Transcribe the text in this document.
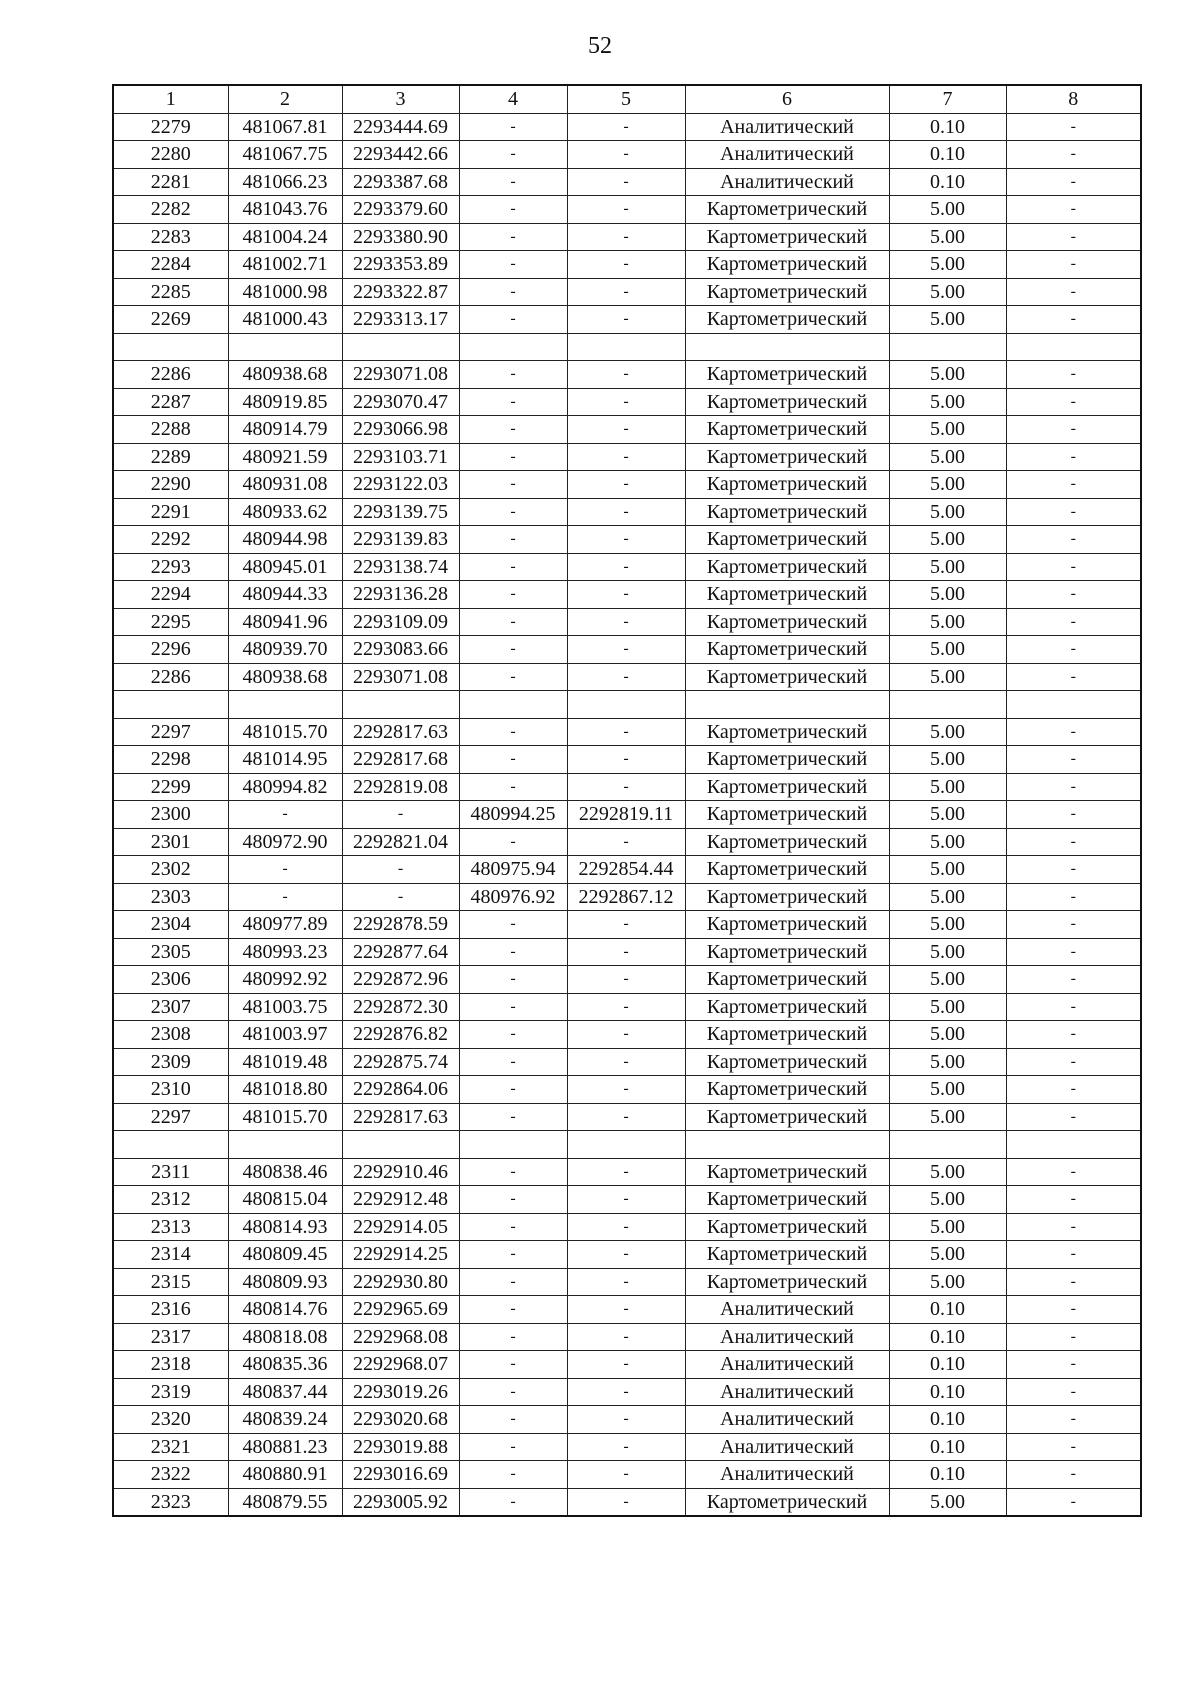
52
1	2	3	4	5	6	7	8
2279	481067.81	2293444.69	-	-	Аналитический	0.10	-
2280	481067.75	2293442.66	-	-	Аналитический	0.10	-
2281	481066.23	2293387.68	-	-	Аналитический	0.10	-
2282	481043.76	2293379.60	-	-	Картометрический	5.00	-
2283	481004.24	2293380.90	-	-	Картометрический	5.00	-
2284	481002.71	2293353.89	-	-	Картометрический	5.00	-
2285	481000.98	2293322.87	-	-	Картометрический	5.00	-
2269	481000.43	2293313.17	-	-	Картометрический	5.00	-

2286	480938.68	2293071.08	-	-	Картометрический	5.00	-
2287	480919.85	2293070.47	-	-	Картометрический	5.00	-
2288	480914.79	2293066.98	-	-	Картометрический	5.00	-
2289	480921.59	2293103.71	-	-	Картометрический	5.00	-
2290	480931.08	2293122.03	-	-	Картометрический	5.00	-
2291	480933.62	2293139.75	-	-	Картометрический	5.00	-
2292	480944.98	2293139.83	-	-	Картометрический	5.00	-
2293	480945.01	2293138.74	-	-	Картометрический	5.00	-
2294	480944.33	2293136.28	-	-	Картометрический	5.00	-
2295	480941.96	2293109.09	-	-	Картометрический	5.00	-
2296	480939.70	2293083.66	-	-	Картометрический	5.00	-
2286	480938.68	2293071.08	-	-	Картометрический	5.00	-

2297	481015.70	2292817.63	-	-	Картометрический	5.00	-
2298	481014.95	2292817.68	-	-	Картометрический	5.00	-
2299	480994.82	2292819.08	-	-	Картометрический	5.00	-
2300	-	-	480994.25	2292819.11	Картометрический	5.00	-
2301	480972.90	2292821.04	-	-	Картометрический	5.00	-
2302	-	-	480975.94	2292854.44	Картометрический	5.00	-
2303	-	-	480976.92	2292867.12	Картометрический	5.00	-
2304	480977.89	2292878.59	-	-	Картометрический	5.00	-
2305	480993.23	2292877.64	-	-	Картометрический	5.00	-
2306	480992.92	2292872.96	-	-	Картометрический	5.00	-
2307	481003.75	2292872.30	-	-	Картометрический	5.00	-
2308	481003.97	2292876.82	-	-	Картометрический	5.00	-
2309	481019.48	2292875.74	-	-	Картометрический	5.00	-
2310	481018.80	2292864.06	-	-	Картометрический	5.00	-
2297	481015.70	2292817.63	-	-	Картометрический	5.00	-

2311	480838.46	2292910.46	-	-	Картометрический	5.00	-
2312	480815.04	2292912.48	-	-	Картометрический	5.00	-
2313	480814.93	2292914.05	-	-	Картометрический	5.00	-
2314	480809.45	2292914.25	-	-	Картометрический	5.00	-
2315	480809.93	2292930.80	-	-	Картометрический	5.00	-
2316	480814.76	2292965.69	-	-	Аналитический	0.10	-
2317	480818.08	2292968.08	-	-	Аналитический	0.10	-
2318	480835.36	2292968.07	-	-	Аналитический	0.10	-
2319	480837.44	2293019.26	-	-	Аналитический	0.10	-
2320	480839.24	2293020.68	-	-	Аналитический	0.10	-
2321	480881.23	2293019.88	-	-	Аналитический	0.10	-
2322	480880.91	2293016.69	-	-	Аналитический	0.10	-
2323	480879.55	2293005.92	-	-	Картометрический	5.00	-
